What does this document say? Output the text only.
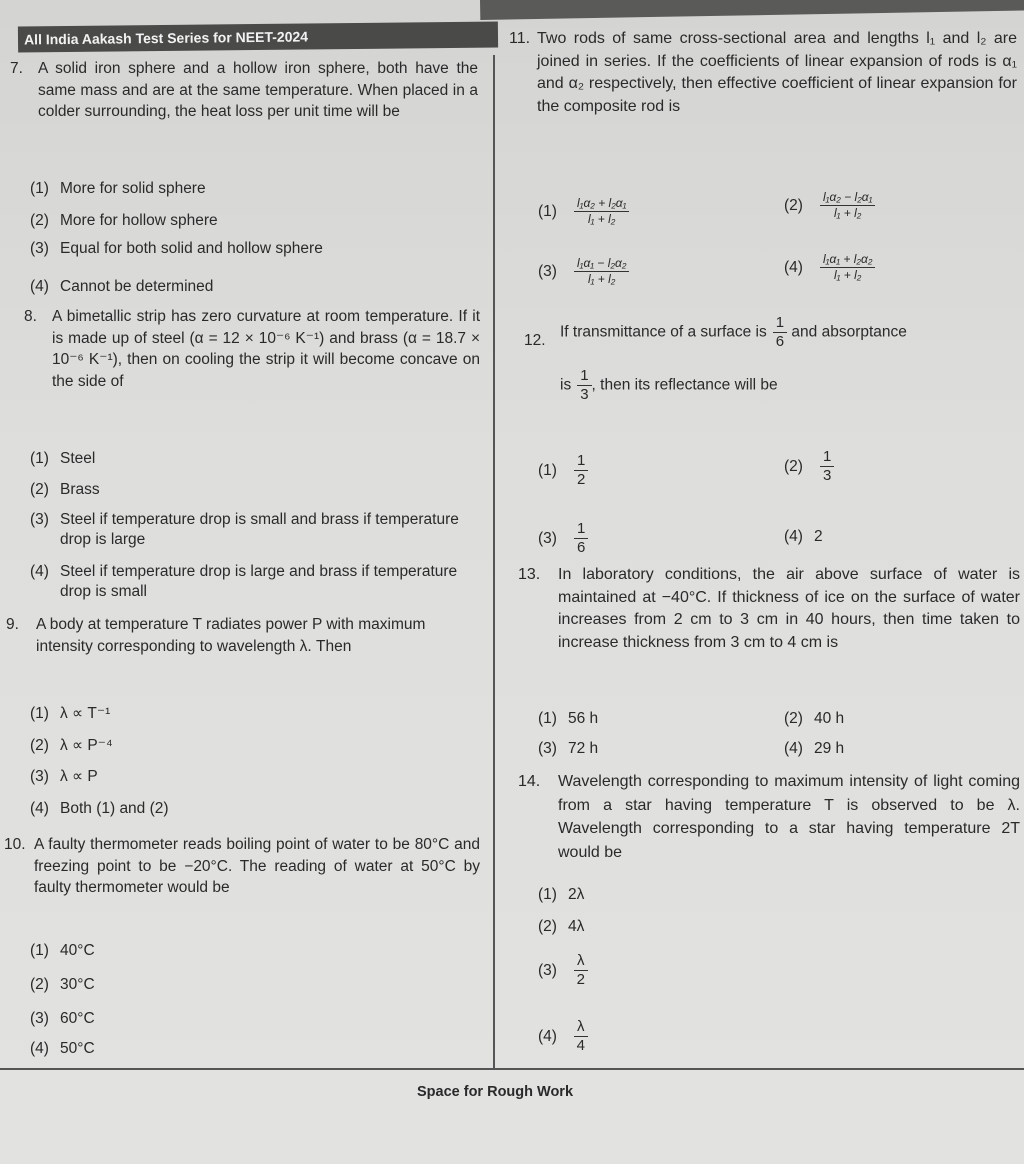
All India Aakash Test Series for NEET-2024
7. A solid iron sphere and a hollow iron sphere, both have the same mass and are at the same temperature. When placed in a colder surrounding, the heat loss per unit time will be
(1) More for solid sphere
(2) More for hollow sphere
(3) Equal for both solid and hollow sphere
(4) Cannot be determined
8. A bimetallic strip has zero curvature at room temperature. If it is made up of steel (α = 12 × 10⁻⁶ K⁻¹) and brass (α = 18.7 × 10⁻⁶ K⁻¹), then on cooling the strip it will become concave on the side of
(1) Steel
(2) Brass
(3) Steel if temperature drop is small and brass if temperature drop is large
(4) Steel if temperature drop is large and brass if temperature drop is small
9. A body at temperature T radiates power P with maximum intensity corresponding to wavelength λ. Then
(1) λ ∝ T⁻¹
(2) λ ∝ P⁻⁴
(3) λ ∝ P
(4) Both (1) and (2)
10. A faulty thermometer reads boiling point of water to be 80°C and freezing point to be −20°C. The reading of water at 50°C by faulty thermometer would be
(1) 40°C
(2) 30°C
(3) 60°C
(4) 50°C
11. Two rods of same cross-sectional area and lengths l₁ and l₂ are joined in series. If the coefficients of linear expansion of rods is α₁ and α₂ respectively, then effective coefficient of linear expansion for the composite rod is
$(1) \frac{\text{l₁α₂ + l₂α₁}}{\text{l₁ + l₂}}$	$(2) \frac{\text{l₁α₂ − l₂α₁}}{\text{l₁ + l₂}}$
$(3) \frac{\text{l₁α₁ − l₂α₂}}{\text{l₁ + l₂}}$	$(4) \frac{\text{l₁α₁ + l₂α₂}}{\text{l₁ + l₂}}$
12. If transmittance of a surface is $\frac{1}{6}$ and absorptance
is $\frac{1}{3}$ , then its reflectance will be
$(1) \frac{1}{2}$	$(2) \frac{1}{3}$
$(3) \frac{1}{6}$	(4) 2
13. In laboratory conditions, the air above surface of water is maintained at −40°C. If thickness of ice on the surface of water increases from 2 cm to 3 cm in 40 hours, then time taken to increase thickness from 3 cm to 4 cm is
(1) 56 h	(2) 40 h
(3) 72 h	(4) 29 h
14. Wavelength corresponding to maximum intensity of light coming from a star having temperature T is observed to be λ. Wavelength corresponding to a star having temperature 2T would be
(1) 2λ
(2) 4λ
$(3) \frac{\lambda}{2}$
$(4) \frac{\lambda}{4}$
Space for Rough Work
